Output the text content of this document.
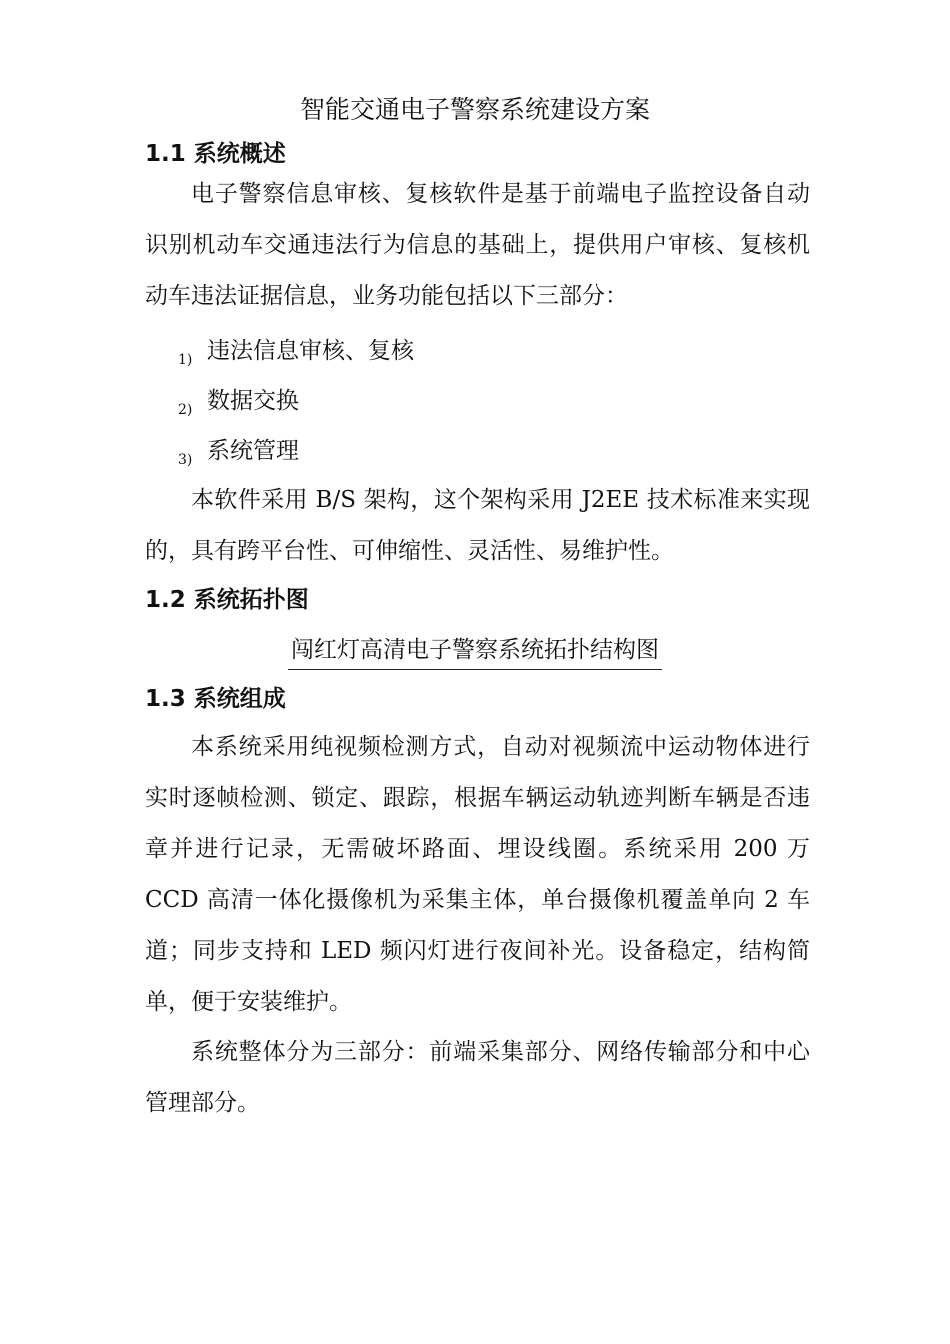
智能交通电子警察系统建设方案
1.1 系统概述

电子警察信息审核、复核软件是基于前端电子监控设备自动识别机动车交通违法行为信息的基础上，提供用户审核、复核机动车违法证据信息，业务功能包括以下三部分：

1) 违法信息审核、复核
2) 数据交换
3) 系统管理

本软件采用 B/S 架构，这个架构采用 J2EE 技术标准来实现的，具有跨平台性、可伸缩性、灵活性、易维护性。

1.2 系统拓扑图
闯红灯高清电子警察系统拓扑结构图
1.3 系统组成

本系统采用纯视频检测方式，自动对视频流中运动物体进行实时逐帧检测、锁定、跟踪，根据车辆运动轨迹判断车辆是否违章并进行记录，无需破坏路面、埋设线圈。系统采用 200 万 CCD 高清一体化摄像机为采集主体，单台摄像机覆盖单向 2 车道；同步支持和 LED 频闪灯进行夜间补光。设备稳定，结构简单，便于安装维护。

系统整体分为三部分：前端采集部分、网络传输部分和中心管理部分。
